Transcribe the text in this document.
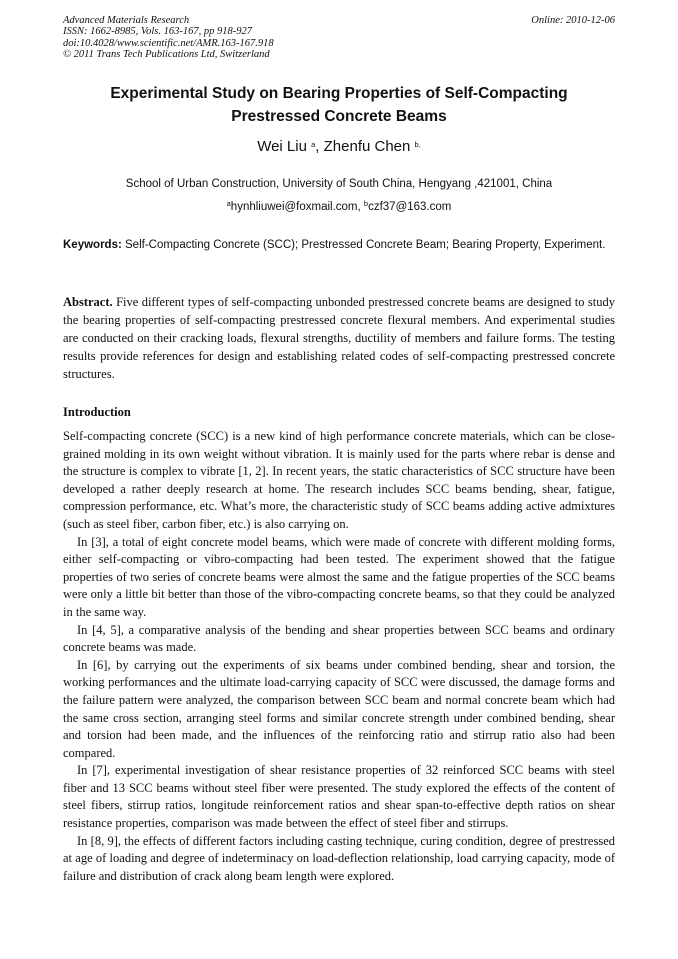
Advanced Materials Research
ISSN: 1662-8985, Vols. 163-167, pp 918-927
doi:10.4028/www.scientific.net/AMR.163-167.918
© 2011 Trans Tech Publications Ltd, Switzerland
Online: 2010-12-06
Experimental Study on Bearing Properties of Self-Compacting
Prestressed Concrete Beams
Wei Liu $^a$, Zhenfu Chen $^{b,}$
School of Urban Construction, University of South China, Hengyang ,421001, China
$^a$hynhliuwei@foxmail.com, $^b$czf37@163.com
Keywords: Self-Compacting Concrete (SCC); Prestressed Concrete Beam; Bearing Property, Experiment.
Abstract. Five different types of self-compacting unbonded prestressed concrete beams are designed to study the bearing properties of self-compacting prestressed concrete flexural members. And experimental studies are conducted on their cracking loads, flexural strengths, ductility of members and failure forms. The testing results provide references for design and establishing related codes of self-compacting prestressed concrete structures.
Introduction

Self-compacting concrete (SCC) is a new kind of high performance concrete materials, which can be close-grained molding in its own weight without vibration. It is mainly used for the parts where rebar is dense and the structure is complex to vibrate [1, 2]. In recent years, the static characteristics of SCC structure have been developed a rather deeply research at home. The research includes SCC beams bending, shear, fatigue, compression performance, etc. What’s more, the characteristic study of SCC beams adding active admixtures (such as steel fiber, carbon fiber, etc.) is also carrying on.

In [3], a total of eight concrete model beams, which were made of concrete with different molding forms, either self-compacting or vibro-compacting had been tested. The experiment showed that the fatigue properties of two series of concrete beams were almost the same and the fatigue properties of the SCC beams were only a little bit better than those of the vibro-compacting concrete beams, so that they could be analyzed in the same way.

In [4, 5], a comparative analysis of the bending and shear properties between SCC beams and ordinary concrete beams was made.

In [6], by carrying out the experiments of six beams under combined bending, shear and torsion, the working performances and the ultimate load-carrying capacity of SCC were discussed, the damage forms and the failure pattern were analyzed, the comparison between SCC beam and normal concrete beam which had the same cross section, arranging steel forms and similar concrete strength under combined bending, shear and torsion had been made, and the influences of the reinforcing ratio and stirrup ratio also had been compared.

In [7], experimental investigation of shear resistance properties of 32 reinforced SCC beams with steel fiber and 13 SCC beams without steel fiber were presented. The study explored the effects of the content of steel fibers, stirrup ratios, longitude reinforcement ratios and shear span-to-effective depth ratios on shear resistance properties, comparison was made between the effect of steel fiber and stirrups.

In [8, 9], the effects of different factors including casting technique, curing condition, degree of prestressed at age of loading and degree of indeterminacy on load-deflection relationship, load carrying capacity, mode of failure and distribution of crack along beam length were explored.
